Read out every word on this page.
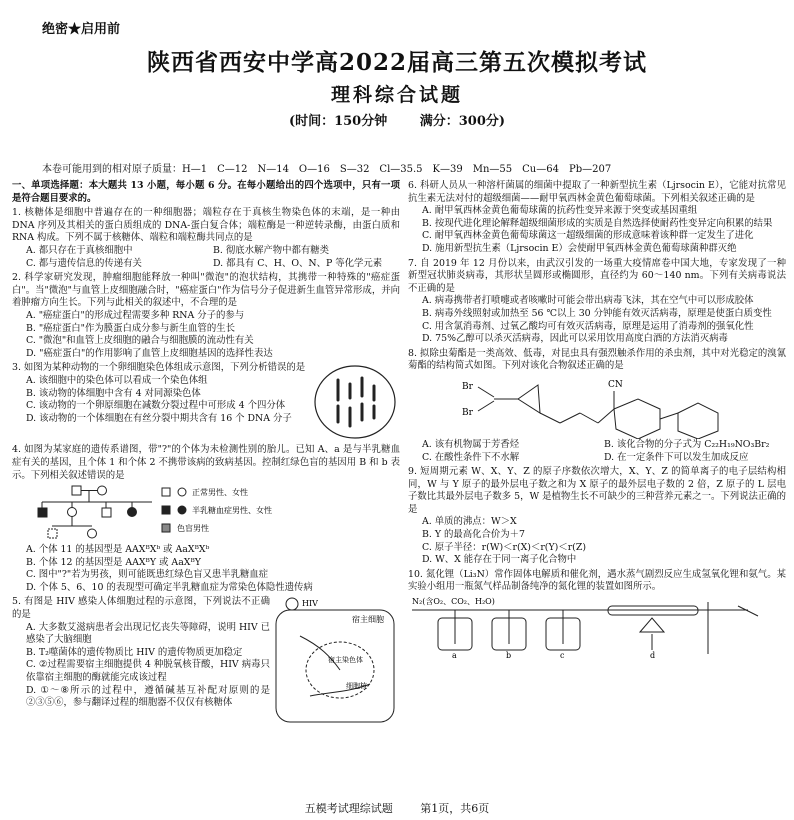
绝密★启用前
陕西省西安中学高2022届高三第五次模拟考试
理科综合试题
(时间：150分钟	满分：300分)
本卷可能用到的相对原子质量：H—1　C—12　N—14　O—16　S—32　Cl—35.5　K—39　Mn—55　Cu—64　Pb—207
一、单项选择题：本大题共 13 小题，每小题 6 分。在每小题给出的四个选项中，只有一项是符合题目要求的。
1. 核糖体是细胞中普遍存在的一种细胞器；端粒存在于真核生物染色体的末端，是一种由 DNA 序列及其相关的蛋白质组成的 DNA-蛋白复合体；端粒酶是一种逆转录酶，由蛋白质和 RNA 构成。下列不属于核糖体、端粒和端粒酶共同点的是
A. 都只存在于真核细胞中	B. 彻底水解产物中都有糖类
C. 都与遗传信息的传递有关	D. 都具有 C、H、O、N、P 等化学元素
2. 科学家研究发现，肿瘤细胞能释放一种叫"微泡"的泡状结构，其携带一种特殊的"癌症蛋白"。当"微泡"与血管上皮细胞融合时，"癌症蛋白"作为信号分子促进新生血管异常形成，并向着肿瘤方向生长。下列与此相关的叙述中，不合理的是
A. "癌症蛋白"的形成过程需要多种 RNA 分子的参与
B. "癌症蛋白"作为膜蛋白成分参与新生血管的生长
C. "微泡"和血管上皮细胞的融合与细胞膜的流动性有关
D. "癌症蛋白"的作用影响了血管上皮细胞基因的选择性表达
3. 如图为某种动物的一个卵细胞染色体组成示意图，下列分析错误的是
A. 该细胞中的染色体可以看成一个染色体组
B. 该动物的体细胞中含有 4 对同源染色体
C. 该动物的一个卵原细胞在减数分裂过程中可形成 4 个四分体
D. 该动物的一个体细胞在有丝分裂中期共含有 16 个 DNA 分子
4. 如图为某家庭的遗传系谱图，带"?"的个体为未检测性别的胎儿。已知 A、a 是与半乳糖血症有关的基因，且个体 1 和个体 2 不携带该病的致病基因。控制红绿色盲的基因用 B 和 b 表示。下列相关叙述错误的是
正常男性、女性
半乳糖血症男性、女性
色盲男性
A. 个体 11 的基因型是 AAXᴮXᵇ 或 AaXᴮXᵇ
B. 个体 12 的基因型是 AAXᴮY 或 AaXᴮY
C. 图中"?"若为男孩，则可能既患红绿色盲又患半乳糖血症
D. 个体 5、6、10 的表现型可确定半乳糖血症为常染色体隐性遗传病
5. 有图是 HIV 感染人体细胞过程的示意图，下列说法不正确的是
A. 大多数艾滋病患者会出现记忆丧失等障碍，说明 HIV 已感染了大脑细胞
B. T₂噬菌体的遗传物质比 HIV 的遗传物质更加稳定
C. ②过程需要宿主细胞提供 4 种脱氧核苷酸，HIV 病毒只依靠宿主细胞的酶就能完成该过程
D. ①～⑧所示的过程中，遵循碱基互补配对原则的是②③⑤⑥，参与翻译过程的细胞器不仅仅有核糖体
HIV
宿主细胞
宿主染色体
细胞核
6. 科研人员从一种溶杆菌属的细菌中提取了一种新型抗生素（Ljrsocin E），它能对抗常见抗生素无法对付的超级细菌——耐甲氧西林金黄色葡萄球菌。下列相关叙述正确的是
A. 耐甲氧西林金黄色葡萄球菌的抗药性变异来源于突变或基因重组
B. 按现代进化理论解释超级细菌形成的实质是自然选择使耐药性变异定向积累的结果
C. 耐甲氧西林金黄色葡萄球菌这一超级细菌的形成意味着该种群一定发生了进化
D. 施用新型抗生素（Ljrsocin E）会使耐甲氧西林金黄色葡萄球菌种群灭绝
7. 自 2019 年 12 月份以来，由武汉引发的一场重大疫情席卷中国大地，专家发现了一种新型冠状肺炎病毒，其形状呈圆形或椭圆形，直径约为 60～140 nm。下列有关病毒说法不正确的是
A. 病毒携带者打喷嚏或者咳嗽时可能会带出病毒飞沫，其在空气中可以形成胶体
B. 病毒外线照射或加热至 56 ℃以上 30 分钟能有效灭活病毒，原理是使蛋白质变性
C. 用含氯消毒剂、过氧乙酸均可有效灭活病毒，原理是运用了消毒剂的强氧化性
D. 75%乙醇可以杀灭活病毒，因此可以采用饮用高度白酒的方法消灭病毒
8. 拟除虫菊酯是一类高效、低毒，对昆虫具有强烈触杀作用的杀虫剂，其中对光稳定的溴氰菊酯的结构简式如图。下列对该化合物叙述正确的是
Br
Br
CN
A. 该有机物属于芳香烃	B. 该化合物的分子式为 C₂₂H₁₉NO₃Br₂
C. 在酸性条件下不水解	D. 在一定条件下可以发生加成反应
9. 短周期元素 W、X、Y、Z 的原子序数依次增大，X、Y、Z 的简单离子的电子层结构相同，W 与 Y 原子的最外层电子数之和为 X 原子的最外层电子数的 2 倍，Z 原子的 L 层电子数比其最外层电子数多 5，W 是植物生长不可缺少的三种营养元素之一。下列说法正确的是
A. 单质的沸点：W＞X
B. Y 的最高化合价为＋7
C. 原子半径：r(W)＜r(X)＜r(Y)＜r(Z)
D. W、X 能存在于同一离子化合物中
10. 氮化锂（Li₃N）常作固体电解质和催化剂，遇水蒸气剧烈反应生成氢氧化锂和氨气。某实验小组用一瓶氮气样品制备纯净的氮化锂的装置如图所示。
N₂(含O₂、CO₂、H₂O)
a	b	c	d
五模考试理综试题	第1页，共6页
